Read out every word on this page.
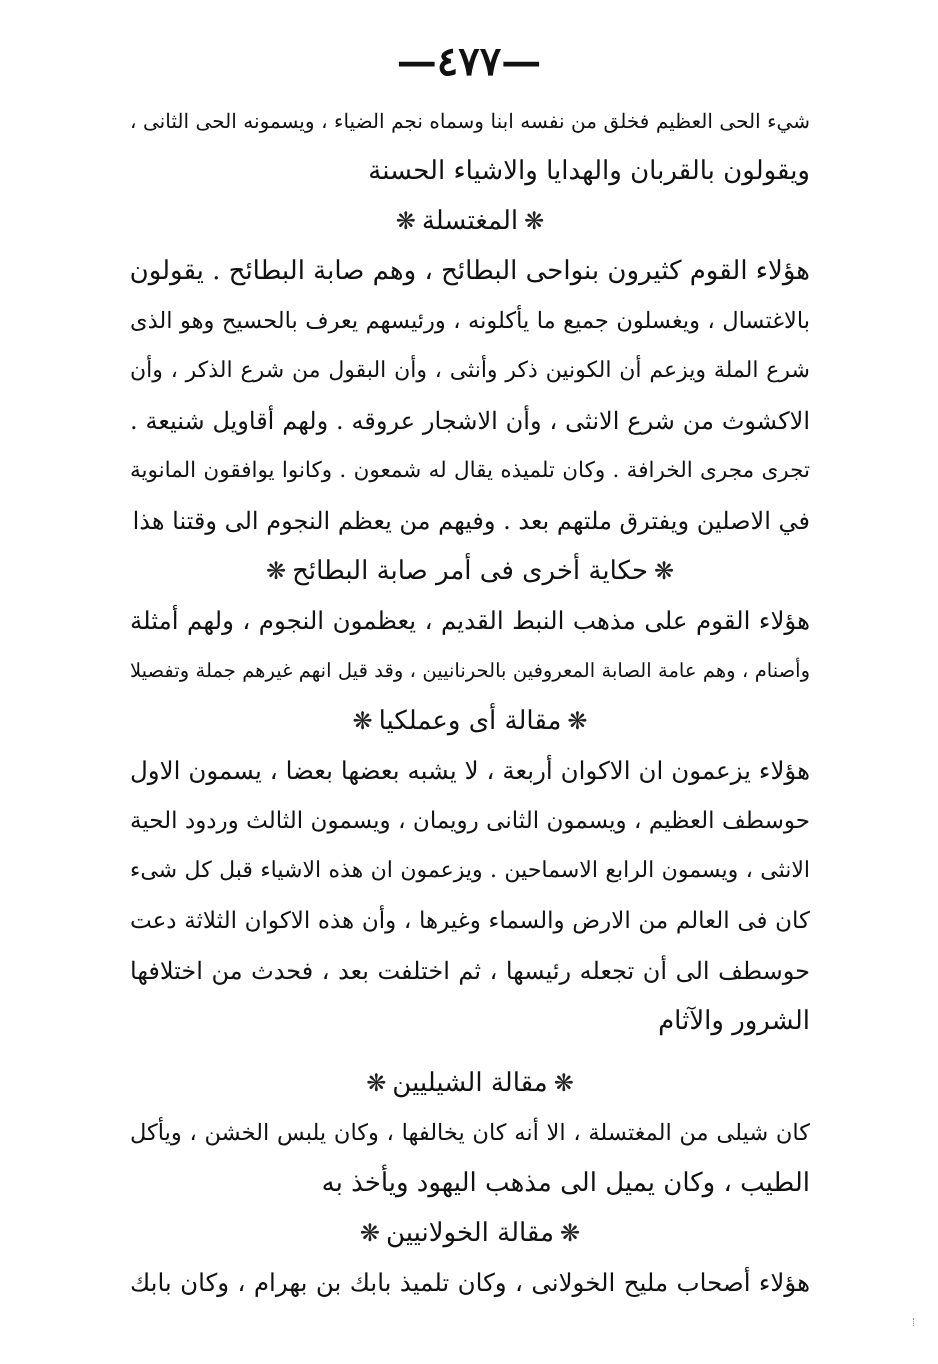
—٤٧٧—
شيء الحى العظيم فخلق من نفسه ابنا وسماه نجم الضياء ، ويسمونه الحى الثانى ،
ويقولون بالقربان والهدايا والاشياء الحسنة
❋المغتسلة❋
هؤلاء القوم كثيرون بنواحى البطائح ، وهم صابة البطائح . يقولون
بالاغتسال ، ويغسلون جميع ما يأكلونه ، ورئيسهم يعرف بالحسيح وهو الذى
شرع الملة ويزعم أن الكونين ذكر وأنثى ، وأن البقول من شرع الذكر ، وأن
الاكشوث من شرع الانثى ، وأن الاشجار عروقه . ولهم أقاويل شنيعة .
تجرى مجرى الخرافة . وكان تلميذه يقال له شمعون . وكانوا يوافقون المانوية
في الاصلين ويفترق ملتهم بعد . وفيهم من يعظم النجوم الى وقتنا هذا
❋حكاية أخرى فى أمر صابة البطائح❋
هؤلاء القوم على مذهب النبط القديم ، يعظمون النجوم ، ولهم أمثلة
وأصنام ، وهم عامة الصابة المعروفين بالحرنانيين ، وقد قيل انهم غيرهم جملة وتفصيلا
❋مقالة أى وعملكيا❋
هؤلاء يزعمون ان الاكوان أربعة ، لا يشبه بعضها بعضا ، يسمون الاول
حوسطف العظيم ، ويسمون الثانى رويمان ، ويسمون الثالث وردود الحية
الانثى ، ويسمون الرابع الاسماحين . ويزعمون ان هذه الاشياء قبل كل شىء
كان فى العالم من الارض والسماء وغيرها ، وأن هذه الاكوان الثلاثة دعت
حوسطف الى أن تجعله رئيسها ، ثم اختلفت بعد ، فحدث من اختلافها
الشرور والآثام
❋مقالة الشيليين❋
كان شيلى من المغتسلة ، الا أنه كان يخالفها ، وكان يلبس الخشن ، ويأكل
الطيب ، وكان يميل الى مذهب اليهود ويأخذ به
❋مقالة الخولانيين❋
هؤلاء أصحاب مليح الخولانى ، وكان تلميذ بابك بن بهرام ، وكان بابك
